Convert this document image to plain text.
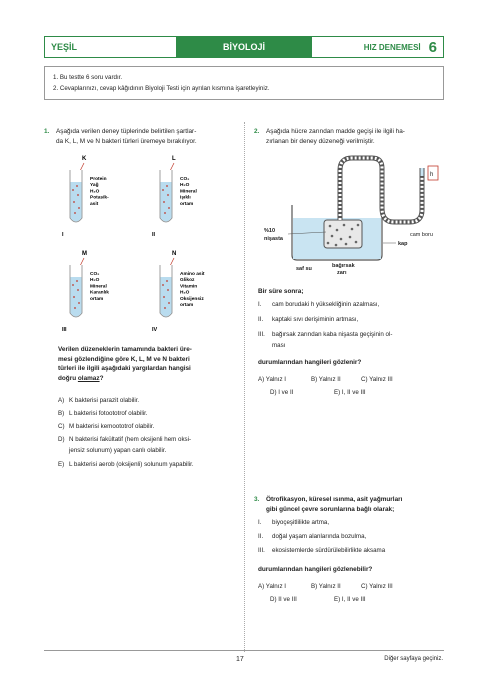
YEŞİL	BİYOLOJİ	HIZ DENEMESİ 6
1. Bu testte 6 soru vardır.
2. Cevaplarınızı, cevap kâğıdının Biyoloji Testi için ayrılan kısmına işaretleyiniz.
1. Aşağıda verilen deney tüplerinde belirtilen şartlar-
da K, L, M ve N bakteri türleri üremeye bırakılıyor.
K
Protein
Yağ
H₂O
Potasik-
asit
I
L
CO₂
H₂O
Mineral
Işıklı
ortam
II
M
CO₂
H₂O
Mineral
Karanlık
ortam
III
N
Amino asit
Glikoz
Vitamin
H₂O
Oksijensiz
ortam
IV
Verilen düzeneklerin tamamında bakteri üre-
mesi gözlendiğine göre K, L, M ve N bakteri
türleri ile ilgili aşağıdaki yargılardan hangisi
doğru olamaz?
A) K bakterisi parazit olabilir.
B) L bakterisi fotoototrof olabilir.
C) M bakterisi kemoototrof olabilir.
D) N bakterisi fakültatif (hem oksijenli hem oksi-
jensiz solunum) yapan canlı olabilir.
E) L bakterisi aerob (oksijenli) solunum yapabilir.
2. Aşağıda hücre zarından madde geçişi ile ilgili ha-
zırlanan bir deney düzeneği verilmiştir.
h
cam boru
%10
nişasta
kap
saf su	bağırsak
zarı
Bir süre sonra;
I. cam borudaki h yüksekliğinin azalması,
II. kaptaki sıvı derişiminin artması,
III. bağırsak zarından kaba nişasta geçişinin ol-
ması
durumlarından hangileri gözlenir?
A) Yalnız I	B) Yalnız II	C) Yalnız III
D) I ve II	E) I, II ve III
3. Ötrofikasyon, küresel ısınma, asit yağmurları
gibi güncel çevre sorunlarına bağlı olarak;
I. biyoçeşitlilikte artma,
II. doğal yaşam alanlarında bozulma,
III. ekosistemlerde sürdürülebilirlikte aksama
durumlarından hangileri gözlenebilir?
A) Yalnız I	B) Yalnız II	C) Yalnız III
D) II ve III	E) I, II ve III
17	Diğer sayfaya geçiniz.
